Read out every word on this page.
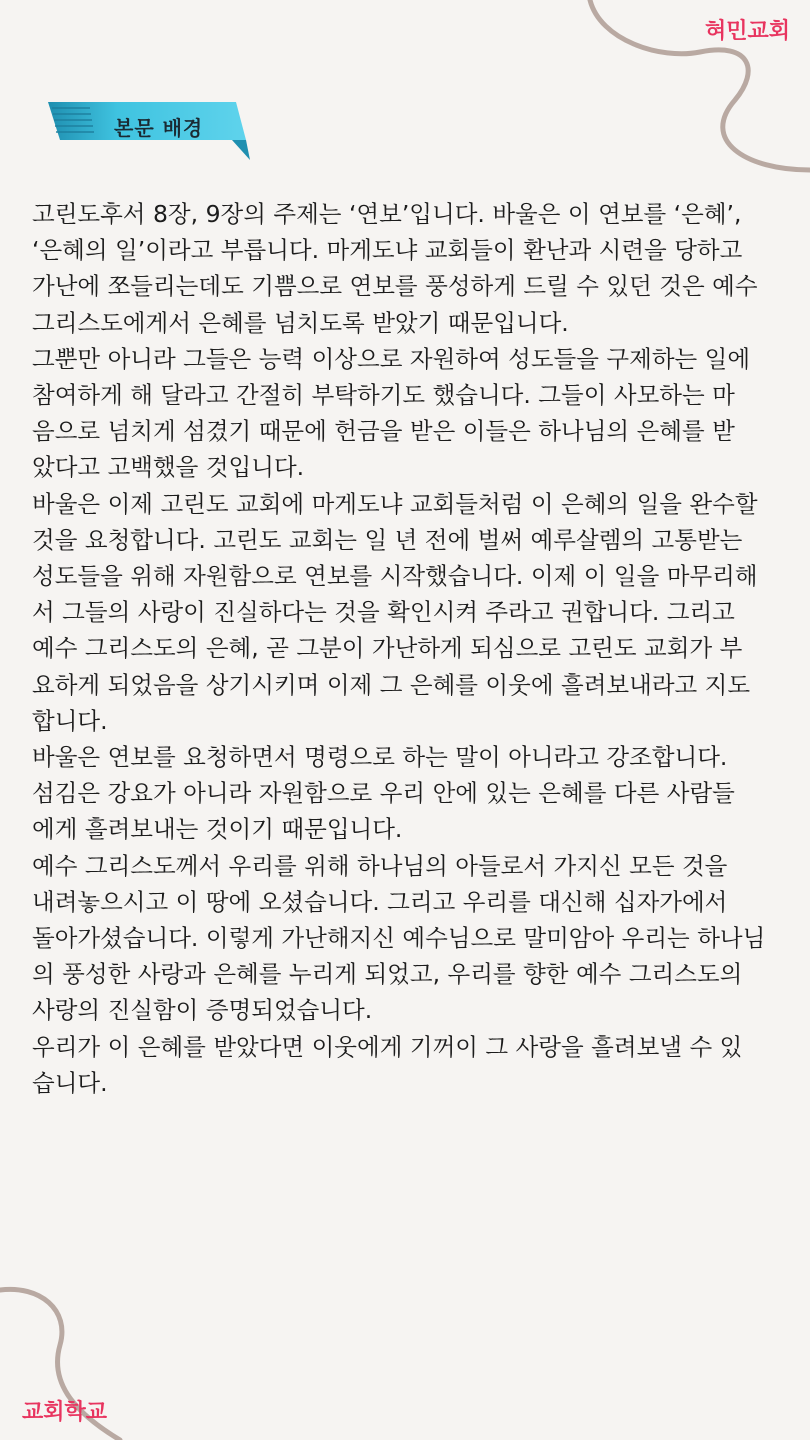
혀민교회
본문 배경

고린도후서 8장, 9장의 주제는 ‘연보’입니다. 바울은 이 연보를 ‘은혜’,
‘은혜의 일’이라고 부릅니다. 마게도냐 교회들이 환난과 시련을 당하고
가난에 쪼들리는데도 기쁨으로 연보를 풍성하게 드릴 수 있던 것은 예수
그리스도에게서 은혜를 넘치도록 받았기 때문입니다.

그뿐만 아니라 그들은 능력 이상으로 자원하여 성도들을 구제하는 일에
참여하게 해 달라고 간절히 부탁하기도 했습니다. 그들이 사모하는 마
음으로 넘치게 섬겼기 때문에 헌금을 받은 이들은 하나님의 은혜를 받
았다고 고백했을 것입니다.

바울은 이제 고린도 교회에 마게도냐 교회들처럼 이 은혜의 일을 완수할
것을 요청합니다. 고린도 교회는 일 년 전에 벌써 예루살렘의 고통받는
성도들을 위해 자원함으로 연보를 시작했습니다. 이제 이 일을 마무리해
서 그들의 사랑이 진실하다는 것을 확인시켜 주라고 권합니다. 그리고
예수 그리스도의 은혜, 곧 그분이 가난하게 되심으로 고린도 교회가 부
요하게 되었음을 상기시키며 이제 그 은혜를 이웃에 흘려보내라고 지도
합니다.

바울은 연보를 요청하면서 명령으로 하는 말이 아니라고 강조합니다.
섬김은 강요가 아니라 자원함으로 우리 안에 있는 은혜를 다른 사람들
에게 흘려보내는 것이기 때문입니다.

예수 그리스도께서 우리를 위해 하나님의 아들로서 가지신 모든 것을
내려놓으시고 이 땅에 오셨습니다. 그리고 우리를 대신해 십자가에서
돌아가셨습니다. 이렇게 가난해지신 예수님으로 말미암아 우리는 하나님
의 풍성한 사랑과 은혜를 누리게 되었고, 우리를 향한 예수 그리스도의
사랑의 진실함이 증명되었습니다.

우리가 이 은혜를 받았다면 이웃에게 기꺼이 그 사랑을 흘려보낼 수 있
습니다.

교회학교
